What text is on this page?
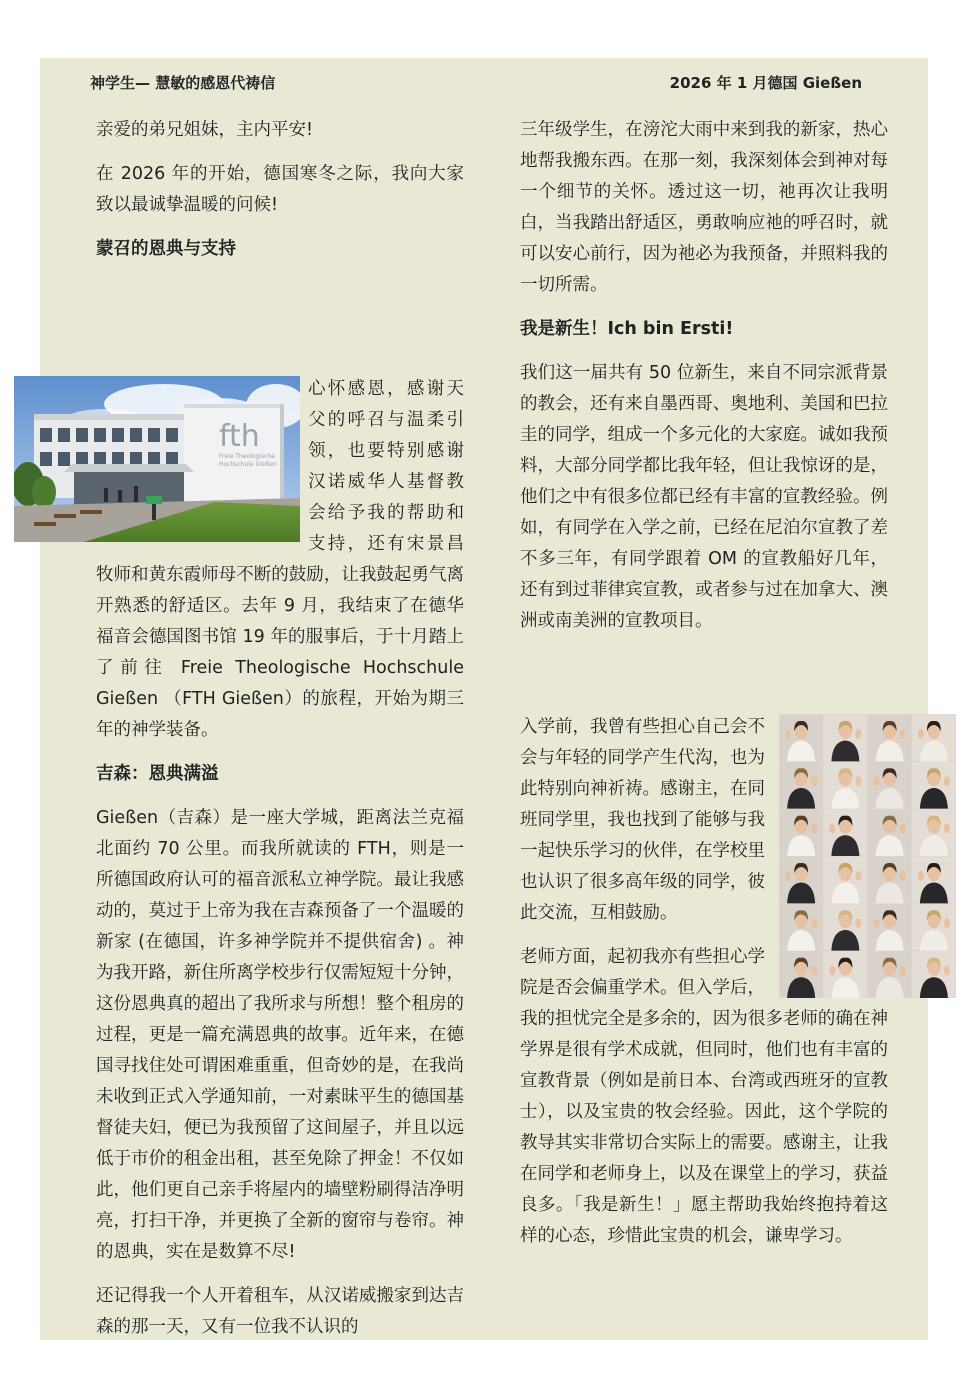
神学生— 慧敏的感恩代祷信	2026 年 1 月德国 Gießen

亲爱的弟兄姐妹，主内平安!

在 2026 年的开始，德国寒冬之际，我向大家致以最诚挚温暖的问候!

蒙召的恩典与支持

fth
Freie Theologische
Hochschule Gießen
心怀感恩，感谢天父的呼召与温柔引领，也要特别感谢汉诺威华人基督教会给予我的帮助和支持，还有宋景昌牧师和黄东霞师母不断的鼓励，让我鼓起勇气离开熟悉的舒适区。去年 9 月，我结束了在德华福音会德国图书馆 19 年的服事后，于十月踏上了前往 Freie Theologische Hochschule Gießen （FTH Gießen）的旅程，开始为期三年的神学装备。

吉森：恩典满溢

Gießen（吉森）是一座大学城，距离法兰克福北面约 70 公里。而我所就读的 FTH，则是一所德国政府认可的福音派私立神学院。最让我感动的，莫过于上帝为我在吉森预备了一个温暖的新家 (在德国，许多神学院并不提供宿舍) 。神为我开路，新住所离学校步行仅需短短十分钟，这份恩典真的超出了我所求与所想！整个租房的过程，更是一篇充满恩典的故事。近年来，在德国寻找住处可谓困难重重，但奇妙的是，在我尚未收到正式入学通知前，一对素昧平生的德国基督徒夫妇，便已为我预留了这间屋子，并且以远低于市价的租金出租，甚至免除了押金！不仅如此，他们更自己亲手将屋内的墙壁粉刷得洁净明亮，打扫干净，并更换了全新的窗帘与卷帘。神的恩典，实在是数算不尽!

还记得我一个人开着租车，从汉诺威搬家到达吉森的那一天，又有一位我不认识的

三年级学生，在滂沱大雨中来到我的新家，热心地帮我搬东西。在那一刻，我深刻体会到神对每一个细节的关怀。透过这一切，祂再次让我明白，当我踏出舒适区，勇敢响应祂的呼召时，就可以安心前行，因为祂必为我预备，并照料我的一切所需。

我是新生！Ich bin Ersti!

我们这一届共有 50 位新生，来自不同宗派背景的教会，还有来自墨西哥、奥地利、美国和巴拉圭的同学，组成一个多元化的大家庭。诚如我预料，大部分同学都比我年轻，但让我惊讶的是，他们之中有很多位都已经有丰富的宣教经验。例如，有同学在入学之前，已经在尼泊尔宣教了差不多三年，有同学跟着 OM 的宣教船好几年，还有到过菲律宾宣教，或者参与过在加拿大、澳洲或南美洲的宣教项目。

入学前，我曾有些担心自己会不会与年轻的同学产生代沟，也为此特别向神祈祷。感谢主，在同班同学里，我也找到了能够与我一起快乐学习的伙伴，在学校里也认识了很多高年级的同学，彼此交流，互相鼓励。

老师方面，起初我亦有些担心学院是否会偏重学术。但入学后，我的担忧完全是多余的，因为很多老师的确在神学界是很有学术成就，但同时，他们也有丰富的宣教背景（例如是前日本、台湾或西班牙的宣教士），以及宝贵的牧会经验。因此，这个学院的教导其实非常切合实际上的需要。感谢主，让我在同学和老师身上，以及在课堂上的学习，获益良多。「我是新生！」愿主帮助我始终抱持着这样的心态，珍惜此宝贵的机会，谦卑学习。
